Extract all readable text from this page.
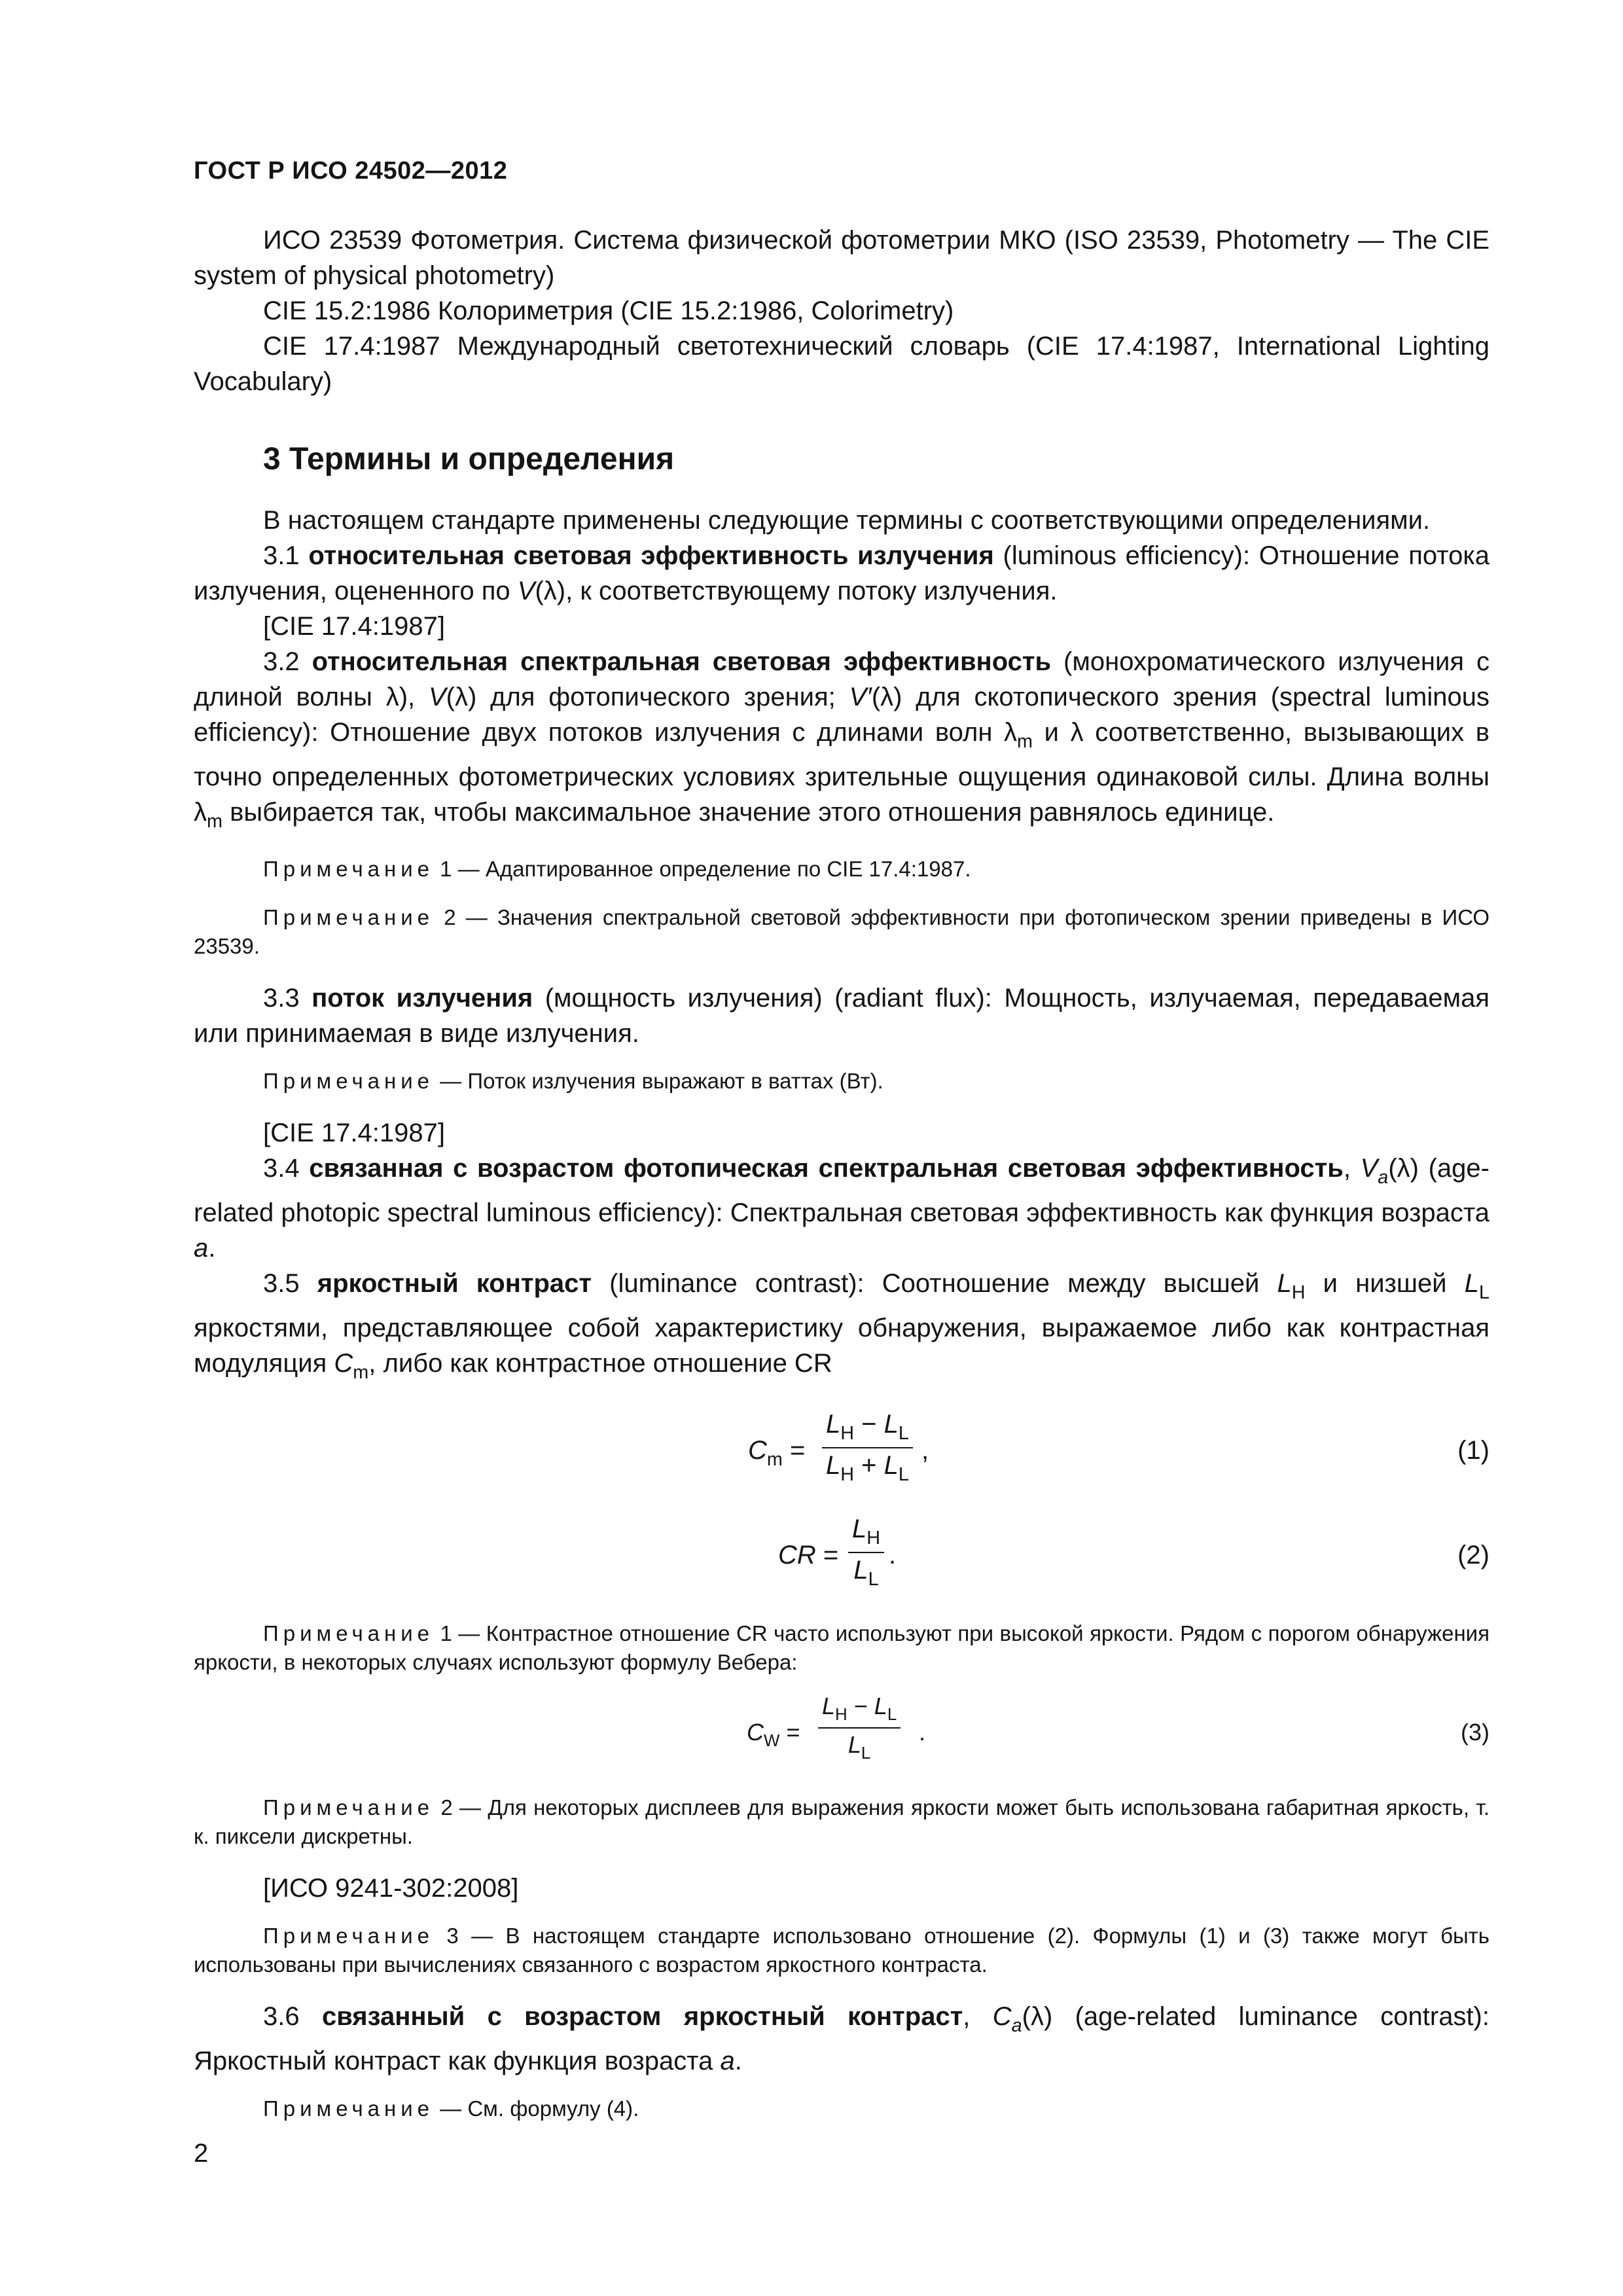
ГОСТ Р ИСО 24502—2012

ИСО 23539 Фотометрия. Система физической фотометрии МКО (ISO 23539, Photometry — The CIE system of physical photometry)

CIE 15.2:1986 Колориметрия (CIE 15.2:1986, Colorimetry)

CIE 17.4:1987 Международный светотехнический словарь (CIE 17.4:1987, International Lighting Vocabulary)

3 Термины и определения

В настоящем стандарте применены следующие термины с соответствующими определениями.

3.1 относительная световая эффективность излучения (luminous efficiency): Отношение потока излучения, оцененного по V(λ), к соответствующему потоку излучения.

[CIE 17.4:1987]

3.2 относительная спектральная световая эффективность (монохроматического излучения с длиной волны λ), V(λ) для фотопического зрения; V′(λ) для скотопического зрения (spectral luminous efficiency): Отношение двух потоков излучения с длинами волн $\lambda_m$ и λ соответственно, вызывающих в точно определенных фотометрических условиях зрительные ощущения одинаковой силы. Длина волны $\lambda_m$ выбирается так, чтобы максимальное значение этого отношения равнялось единице.

Примечание 1 — Адаптированное определение по CIE 17.4:1987.

Примечание 2 — Значения спектральной световой эффективности при фотопическом зрении приведены в ИСО 23539.

3.3 поток излучения (мощность излучения) (radiant flux): Мощность, излучаемая, передаваемая или принимаемая в виде излучения.

Примечание — Поток излучения выражают в ваттах (Вт).

[CIE 17.4:1987]

3.4 связанная с возрастом фотопическая спектральная световая эффективность, $V_a(\lambda)$ (age-related photopic spectral luminous efficiency): Спектральная световая эффективность как функция возраста a.

3.5 яркостный контраст (luminance contrast): Соотношение между высшей $L_H$ и низшей $L_L$ яркостями, представляющее собой характеристику обнаружения, выражаемое либо как контрастная модуляция $C_m$, либо как контрастное отношение CR

$C_m = \frac{L_H - L_L}{L_H + L_L}$ ,	(1)
CR = $\frac{L_H}{L_L}$ .	(2)

Примечание 1 — Контрастное отношение CR часто используют при высокой яркости. Рядом с порогом обнаружения яркости, в некоторых случаях используют формулу Вебера:

$C_W = \frac{L_H - L_L}{L_L}$ .	(3)

Примечание 2 — Для некоторых дисплеев для выражения яркости может быть использована габаритная яркость, т. к. пиксели дискретны.

[ИСО 9241-302:2008]

Примечание 3 — В настоящем стандарте использовано отношение (2). Формулы (1) и (3) также могут быть использованы при вычислениях связанного с возрастом яркостного контраста.

3.6 связанный с возрастом яркостный контраст, $C_a(\lambda)$ (age-related luminance contrast): Яркостный контраст как функция возраста a.

Примечание — См. формулу (4).

2
